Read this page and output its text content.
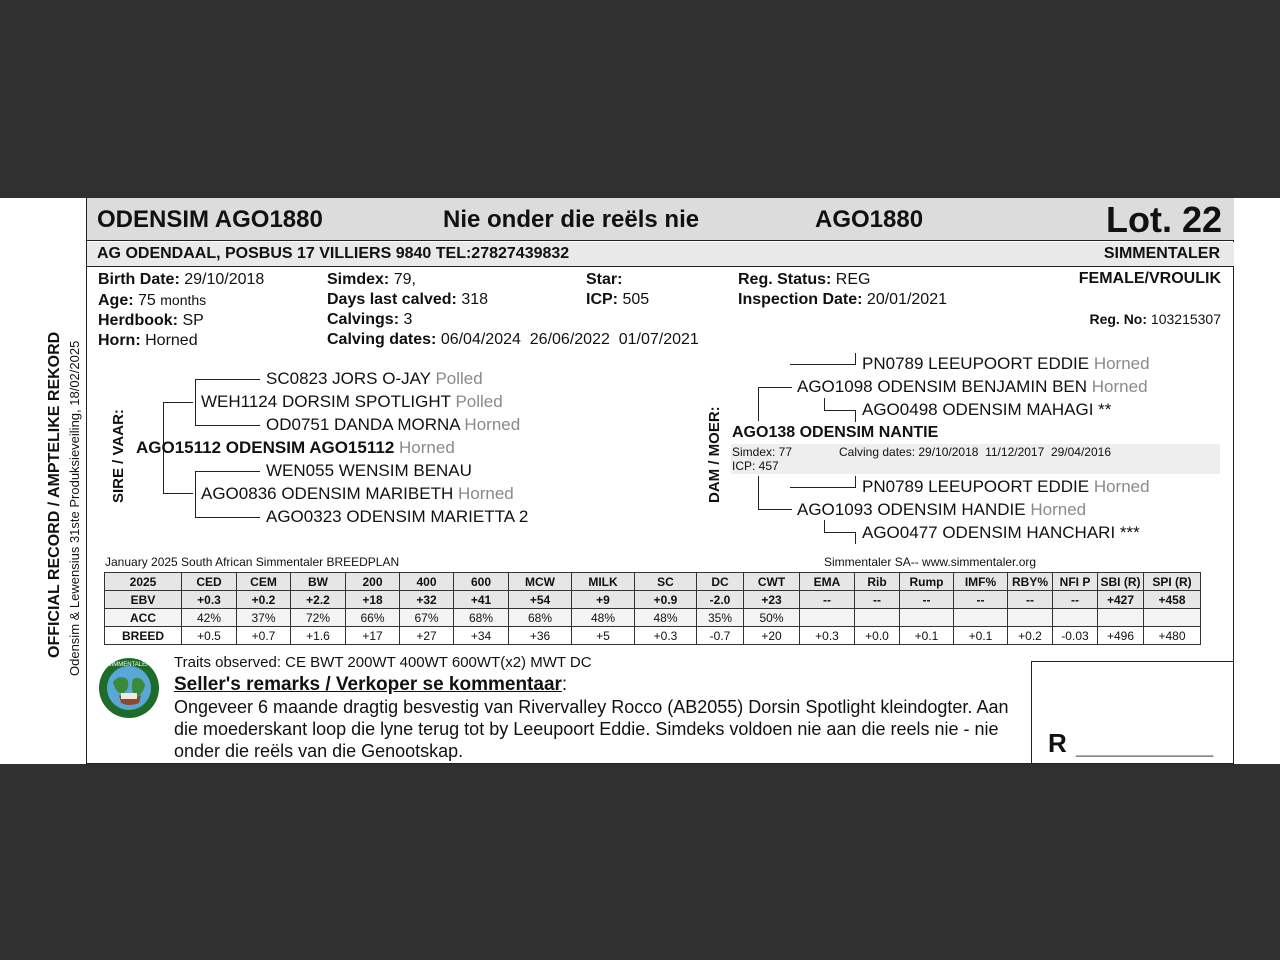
OFFICIAL RECORD / AMPTELIKE REKORD Odensim & Lewensius 31ste Produksieveiling, 18/02/2025
ODENSIM AGO1880	Nie onder die reëls nie	AGO1880	Lot. 22
AG ODENDAAL, POSBUS 17 VILLIERS 9840 TEL:27827439832	SIMMENTALER
Birth Date: 29/10/2018
Age: 75 months
Herdbook: SP
Horn: Horned
Simdex: 79,
Days last calved: 318
Calvings: 3
Calving dates: 06/04/2024  26/06/2022  01/07/2021
Star:
ICP: 505
Reg. Status: REG
Inspection Date: 20/01/2021
FEMALE/VROULIK
Reg. No: 103215307
SIRE / VAAR:
SC0823 JORS O-JAY Polled
WEH1124 DORSIM SPOTLIGHT Polled
OD0751 DANDA MORNA Horned
AGO15112 ODENSIM AGO15112 Horned
WEN055 WENSIM BENAU
AGO0836 ODENSIM MARIBETH Horned
AGO0323 ODENSIM MARIETTA 2
DAM / MOER:
PN0789 LEEUPOORT EDDIE Horned
AGO1098 ODENSIM BENJAMIN BEN Horned
AGO0498 ODENSIM MAHAGI **
AGO138 ODENSIM NANTIE
Simdex: 77
ICP: 457
Calving dates: 29/10/2018  11/12/2017  29/04/2016
PN0789 LEEUPOORT EDDIE Horned
AGO1093 ODENSIM HANDIE Horned
AGO0477 ODENSIM HANCHARI ***
January 2025 South African Simmentaler BREEDPLAN	Simmentaler SA-- www.simmentaler.org
2025	CED	CEM	BW	200	400	600	MCW	MILK	SC	DC	CWT	EMA	Rib	Rump	IMF%	RBY%	NFI P	SBI (R)	SPI (R)
EBV	+0.3	+0.2	+2.2	+18	+32	+41	+54	+9	+0.9	-2.0	+23	--	--	--	--	--	--	+427	+458
ACC	42%	37%	72%	66%	67%	68%	68%	48%	48%	35%	50%								
BREED	+0.5	+0.7	+1.6	+17	+27	+34	+36	+5	+0.3	-0.7	+20	+0.3	+0.0	+0.1	+0.1	+0.2	-0.03	+496	+480
SIMMENTALER Traits observed: CE BWT 200WT 400WT 600WT(x2) MWT DC
Seller's remarks / Verkoper se kommentaar:
Ongeveer 6 maande dragtig besvestig van Rivervalley Rocco (AB2055) Dorsin Spotlight kleindogter. Aan die moederskant loop die lyne terug tot by Leeupoort Eddie. Simdeks voldoen nie aan die reels nie - nie onder die reëls van die Genootskap.	R ___________________
